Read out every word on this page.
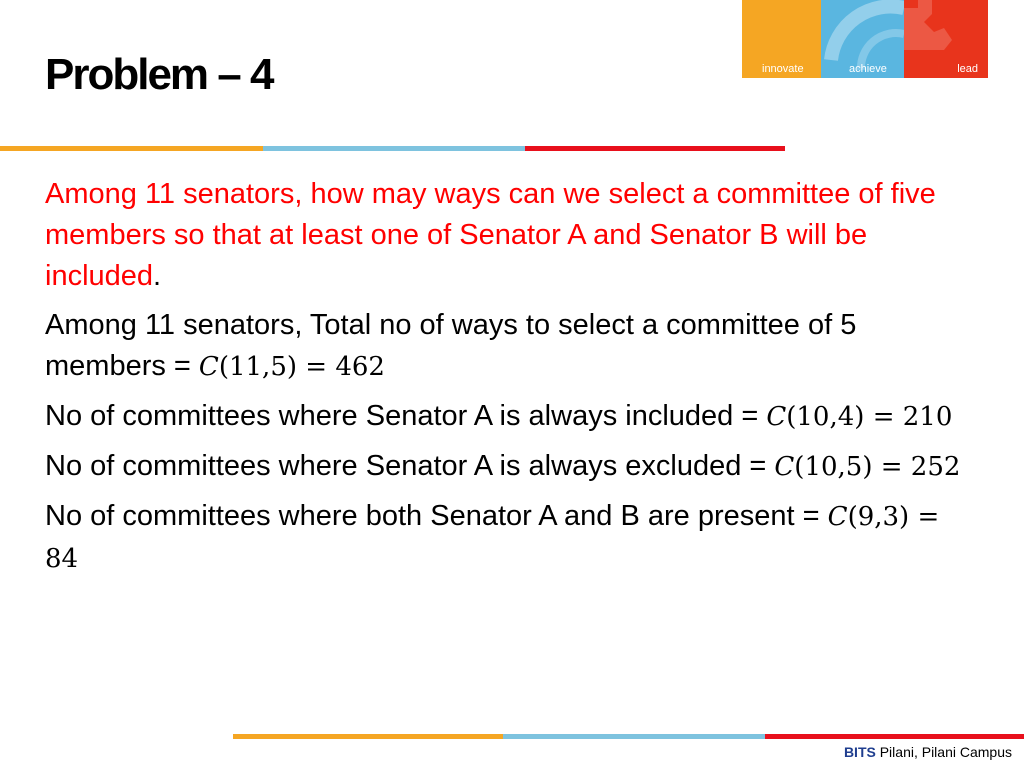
Problem – 4	innovate	achieve	lead

Among 11 senators, how may ways can we select a committee of five members so that at least one of Senator A and Senator B will be included.

Among 11 senators, Total no of ways to select a committee of 5 members = C(11,5) = 462

No of committees where Senator A is always included = C(10,4) = 210

No of committees where Senator A is always excluded = C(10,5) = 252

No of committees where both Senator A and B are present = C(9,3) = 84

BITS Pilani, Pilani Campus
